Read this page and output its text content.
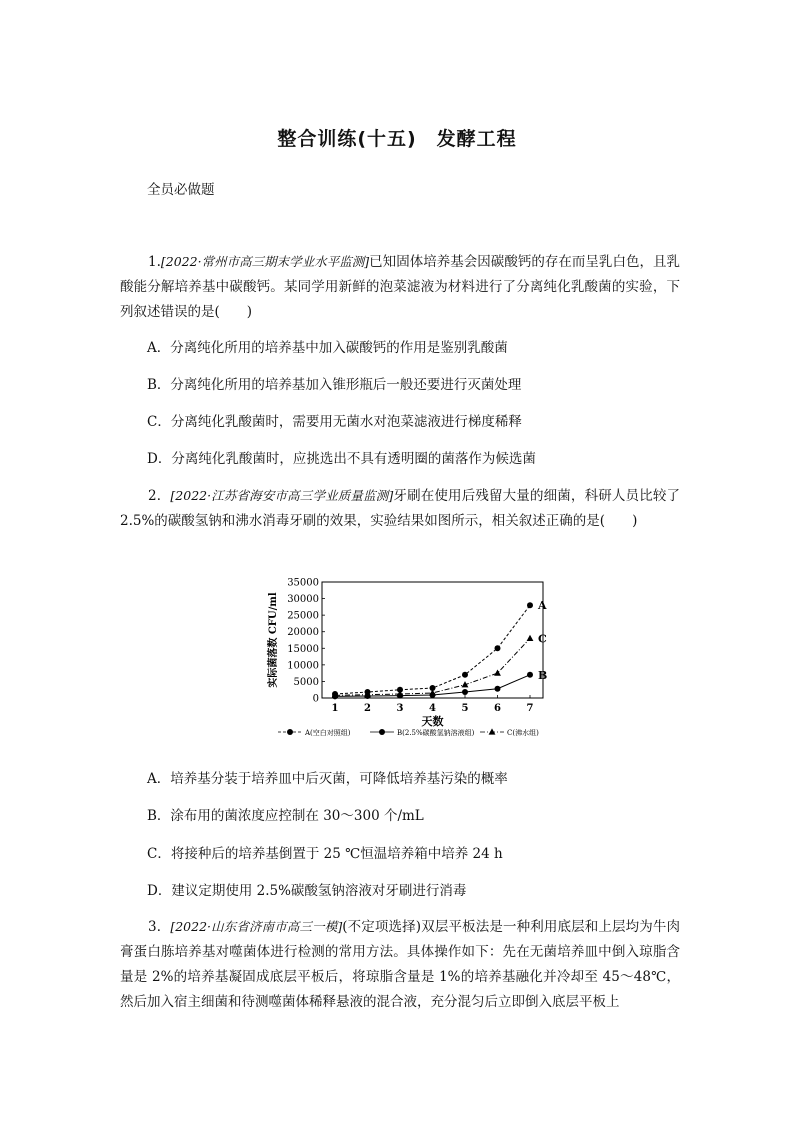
整合训练(十五)　发酵工程
全员必做题
1.[2022·常州市高三期末学业水平监测]已知固体培养基会因碳酸钙的存在而呈乳白色，且乳酸能分解培养基中碳酸钙。某同学用新鲜的泡菜滤液为材料进行了分离纯化乳酸菌的实验，下列叙述错误的是(　　)
A．分离纯化所用的培养基中加入碳酸钙的作用是鉴别乳酸菌
B．分离纯化所用的培养基加入锥形瓶后一般还要进行灭菌处理
C．分离纯化乳酸菌时，需要用无菌水对泡菜滤液进行梯度稀释
D．分离纯化乳酸菌时，应挑选出不具有透明圈的菌落作为候选菌
2．[2022·江苏省海安市高三学业质量监测]牙刷在使用后残留大量的细菌，科研人员比较了 2.5%的碳酸氢钠和沸水消毒牙刷的效果，实验结果如图所示，相关叙述正确的是(　　)
0
5000
10000
15000
20000
25000
30000
35000
1	2	3	4	5	6	7
天数
实际菌落数 CFU/ml	A
B
C
A(空白对照组)	B(2.5%碳酸氢钠溶液组)	C(沸水组)
A．培养基分装于培养皿中后灭菌，可降低培养基污染的概率
B．涂布用的菌浓度应控制在 30～300 个/mL
C．将接种后的培养基倒置于 25 ℃恒温培养箱中培养 24 h
D．建议定期使用 2.5%碳酸氢钠溶液对牙刷进行消毒
3．[2022·山东省济南市高三一模](不定项选择)双层平板法是一种利用底层和上层均为牛肉膏蛋白胨培养基对噬菌体进行检测的常用方法。具体操作如下：先在无菌培养皿中倒入琼脂含量是 2%的培养基凝固成底层平板后，将琼脂含量是 1%的培养基融化并冷却至 45～48℃，然后加入宿主细菌和待测噬菌体稀释悬液的混合液，充分混匀后立即倒入底层平板上
